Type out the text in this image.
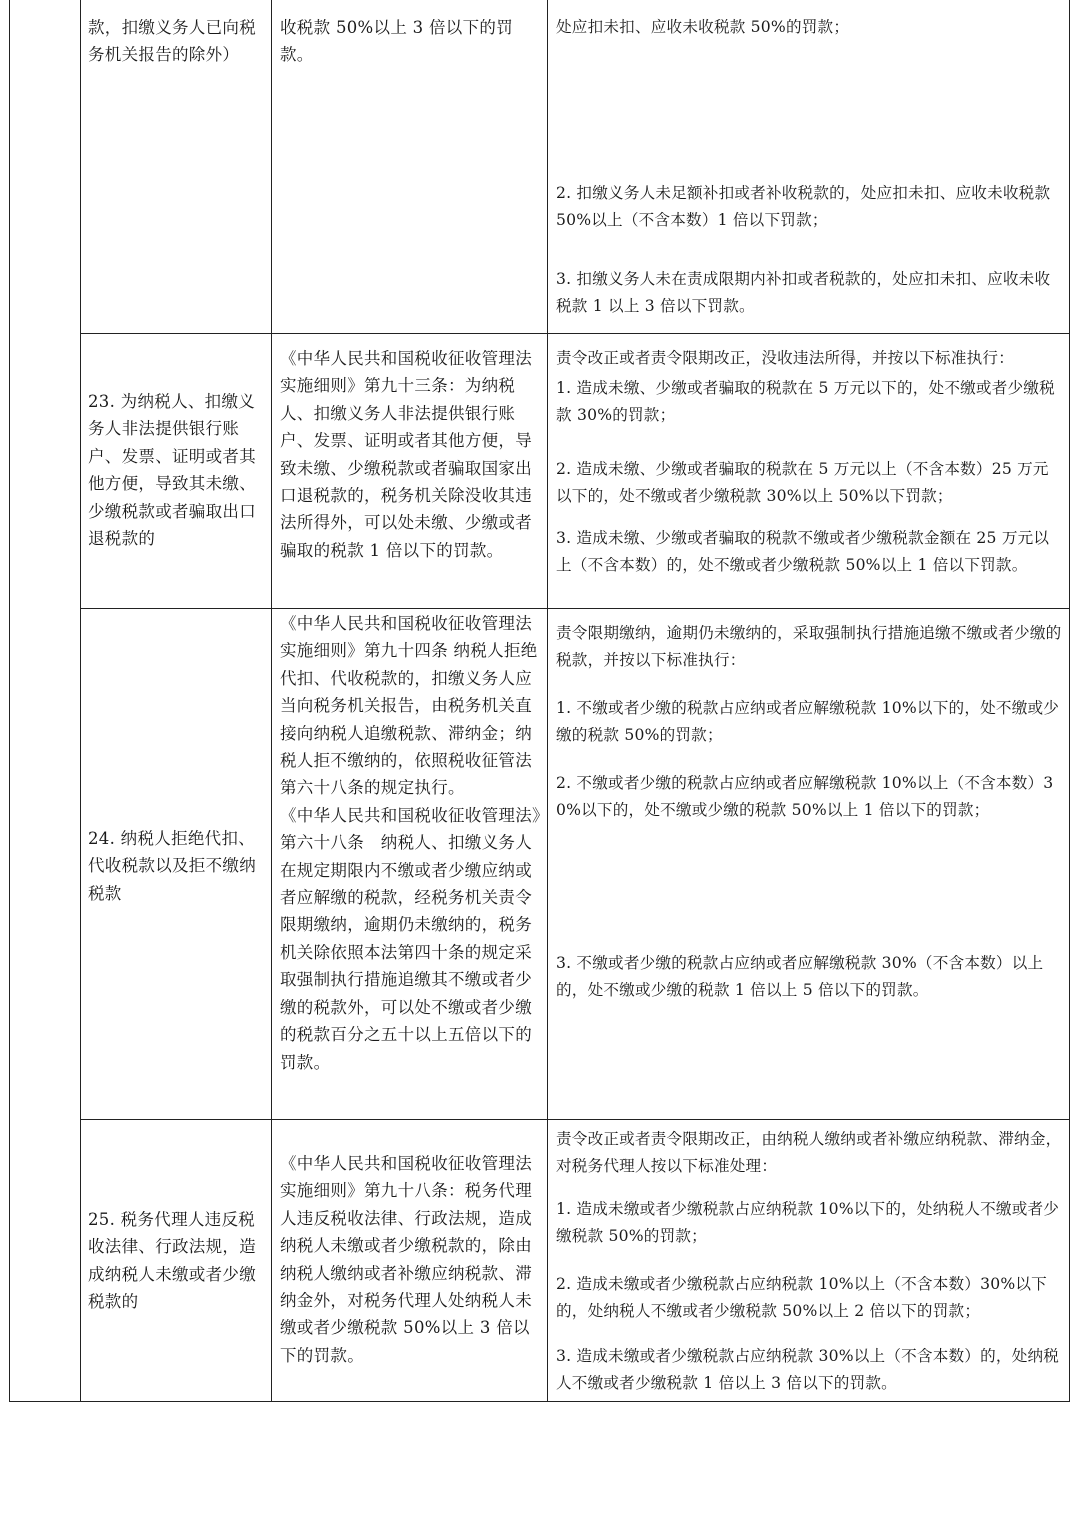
款，扣缴义务人已向税务机关报告的除外）
收税款 50%以上 3 倍以下的罚款。
处应扣未扣、应收未收税款 50%的罚款；
2. 扣缴义务人未足额补扣或者补收税款的，处应扣未扣、应收未收税款 50%以上（不含本数）1 倍以下罚款；
3. 扣缴义务人未在责成限期内补扣或者税款的，处应扣未扣、应收未收税款 1 以上 3 倍以下罚款。
23. 为纳税人、扣缴义务人非法提供银行账户、发票、证明或者其他方便，导致其未缴、少缴税款或者骗取出口退税款的
《中华人民共和国税收征收管理法实施细则》第九十三条：为纳税人、扣缴义务人非法提供银行账户、发票、证明或者其他方便，导致未缴、少缴税款或者骗取国家出口退税款的，税务机关除没收其违法所得外，可以处未缴、少缴或者骗取的税款 1 倍以下的罚款。
责令改正或者责令限期改正，没收违法所得，并按以下标准执行：
1. 造成未缴、少缴或者骗取的税款在 5 万元以下的，处不缴或者少缴税款 30%的罚款；
2. 造成未缴、少缴或者骗取的税款在 5 万元以上（不含本数）25 万元以下的，处不缴或者少缴税款 30%以上 50%以下罚款；
3. 造成未缴、少缴或者骗取的税款不缴或者少缴税款金额在 25 万元以上（不含本数）的，处不缴或者少缴税款 50%以上 1 倍以下罚款。
24. 纳税人拒绝代扣、代收税款以及拒不缴纳税款
《中华人民共和国税收征收管理法实施细则》第九十四条 纳税人拒绝代扣、代收税款的，扣缴义务人应当向税务机关报告，由税务机关直接向纳税人追缴税款、滞纳金；纳税人拒不缴纳的，依照税收征管法第六十八条的规定执行。
《中华人民共和国税收征收管理法》第六十八条　纳税人、扣缴义务人在规定期限内不缴或者少缴应纳或者应解缴的税款，经税务机关责令限期缴纳，逾期仍未缴纳的，税务机关除依照本法第四十条的规定采取强制执行措施追缴其不缴或者少缴的税款外，可以处不缴或者少缴的税款百分之五十以上五倍以下的罚款。
责令限期缴纳，逾期仍未缴纳的，采取强制执行措施追缴不缴或者少缴的税款，并按以下标准执行：
1. 不缴或者少缴的税款占应纳或者应解缴税款 10%以下的，处不缴或少缴的税款 50%的罚款；
2. 不缴或者少缴的税款占应纳或者应解缴税款 10%以上（不含本数）30%以下的，处不缴或少缴的税款 50%以上 1 倍以下的罚款；
3. 不缴或者少缴的税款占应纳或者应解缴税款 30%（不含本数）以上的，处不缴或少缴的税款 1 倍以上 5 倍以下的罚款。
25. 税务代理人违反税收法律、行政法规，造成纳税人未缴或者少缴税款的
《中华人民共和国税收征收管理法实施细则》第九十八条：税务代理人违反税收法律、行政法规，造成纳税人未缴或者少缴税款的，除由纳税人缴纳或者补缴应纳税款、滞纳金外，对税务代理人处纳税人未缴或者少缴税款 50%以上 3 倍以下的罚款。
责令改正或者责令限期改正，由纳税人缴纳或者补缴应纳税款、滞纳金，对税务代理人按以下标准处理：
1. 造成未缴或者少缴税款占应纳税款 10%以下的，处纳税人不缴或者少缴税款 50%的罚款；
2. 造成未缴或者少缴税款占应纳税款 10%以上（不含本数）30%以下的，处纳税人不缴或者少缴税款 50%以上 2 倍以下的罚款；
3. 造成未缴或者少缴税款占应纳税款 30%以上（不含本数）的，处纳税人不缴或者少缴税款 1 倍以上 3 倍以下的罚款。
